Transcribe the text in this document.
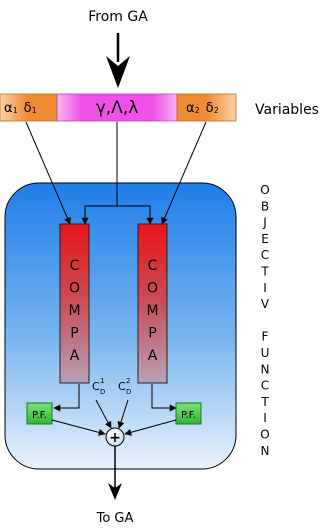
From GA
α1 δ1	γ,Λ,λ	α2 δ2	Variables
C
O
M
P
A
C
O
M
P
A
C 1
D C 2
D
P.F.	P.F.
+
To GA
O
B
J
E
C
T
I
V
F
U
N
C
T
I
O
N
